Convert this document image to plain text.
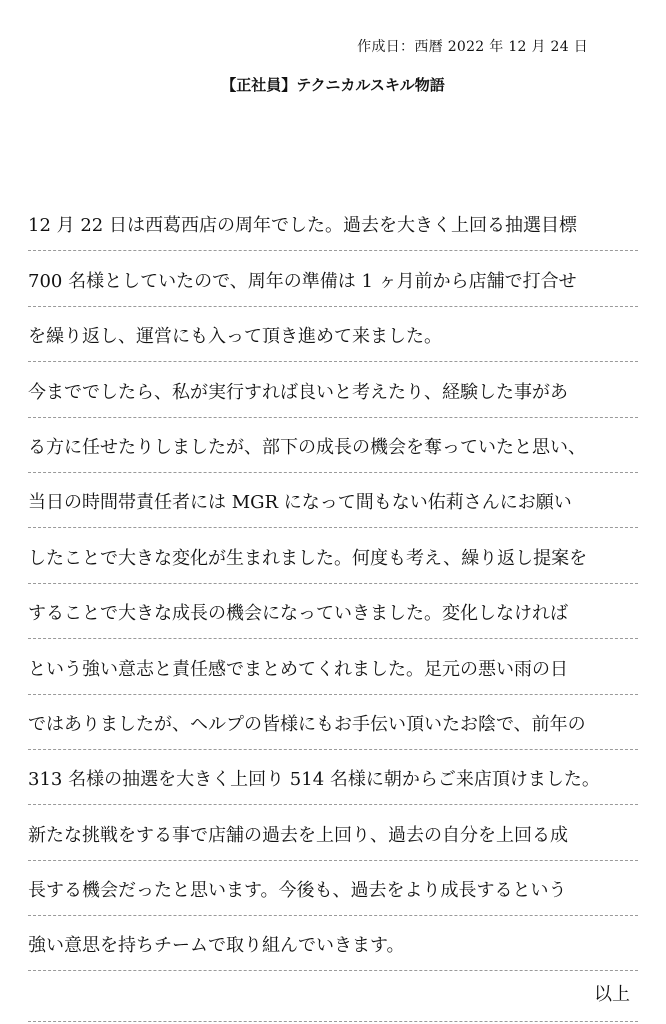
作成日：西暦 2022 年 12 月 24 日
【正社員】テクニカルスキル物語
12 月 22 日は西葛西店の周年でした。過去を大きく上回る抽選目標
700 名様としていたので、周年の準備は 1 ヶ月前から店舗で打合せ
を繰り返し、運営にも入って頂き進めて来ました。
今まででしたら、私が実行すれば良いと考えたり、経験した事があ
る方に任せたりしましたが、部下の成長の機会を奪っていたと思い、
当日の時間帯責任者には MGR になって間もない佑莉さんにお願い
したことで大きな変化が生まれました。何度も考え、繰り返し提案を
することで大きな成長の機会になっていきました。変化しなければ
という強い意志と責任感でまとめてくれました。足元の悪い雨の日
ではありましたが、ヘルプの皆様にもお手伝い頂いたお陰で、前年の
313 名様の抽選を大きく上回り 514 名様に朝からご来店頂けました。
新たな挑戦をする事で店舗の過去を上回り、過去の自分を上回る成
長する機会だったと思います。今後も、過去をより成長するという
強い意思を持ちチームで取り組んでいきます。
以上
